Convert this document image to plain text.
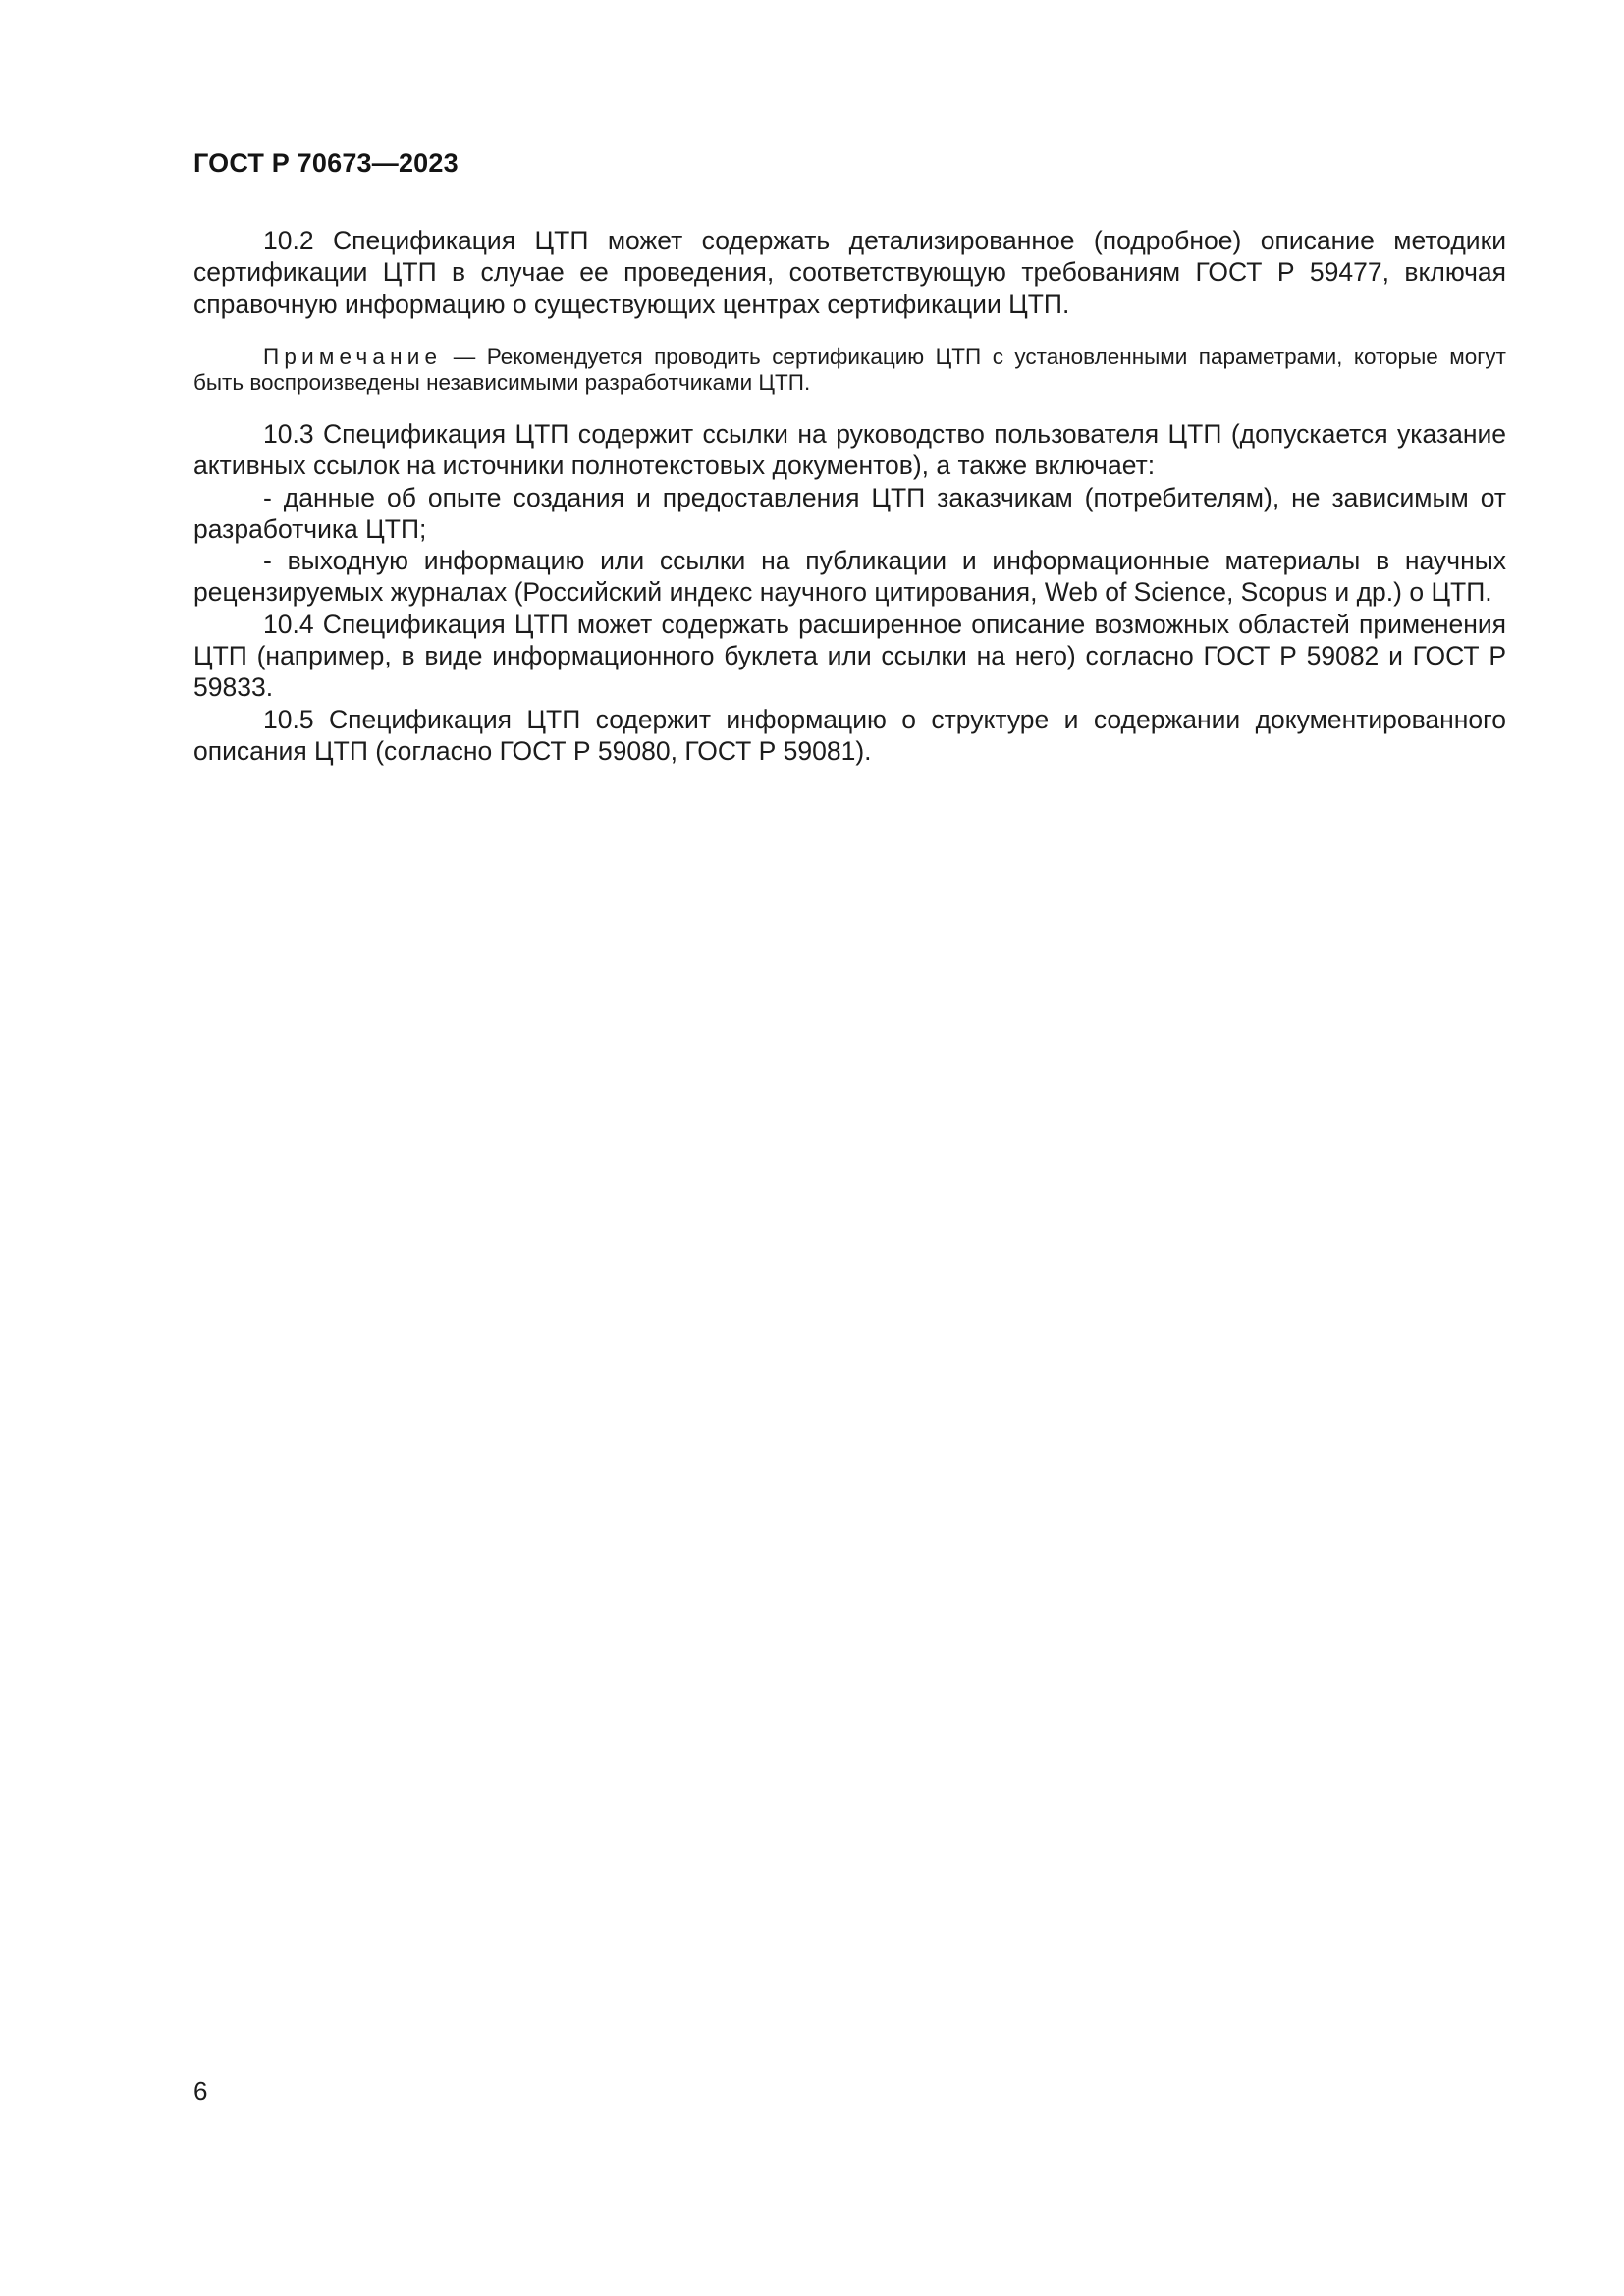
ГОСТ Р 70673—2023

10.2 Спецификация ЦТП может содержать детализированное (подробное) описание методики сертификации ЦТП в случае ее проведения, соответствующую требованиям ГОСТ Р 59477, включая справочную информацию о существующих центрах сертификации ЦТП.

Примечание — Рекомендуется проводить сертификацию ЦТП с установленными параметрами, которые могут быть воспроизведены независимыми разработчиками ЦТП.

10.3 Спецификация ЦТП содержит ссылки на руководство пользователя ЦТП (допускается указание активных ссылок на источники полнотекстовых документов), а также включает:

- данные об опыте создания и предоставления ЦТП заказчикам (потребителям), не зависимым от разработчика ЦТП;

- выходную информацию или ссылки на публикации и информационные материалы в научных рецензируемых журналах (Российский индекс научного цитирования, Web of Science, Scopus и др.) о ЦТП.

10.4 Спецификация ЦТП может содержать расширенное описание возможных областей применения ЦТП (например, в виде информационного буклета или ссылки на него) согласно ГОСТ Р 59082 и ГОСТ Р 59833.

10.5 Спецификация ЦТП содержит информацию о структуре и содержании документированного описания ЦТП (согласно ГОСТ Р 59080, ГОСТ Р 59081).

6
